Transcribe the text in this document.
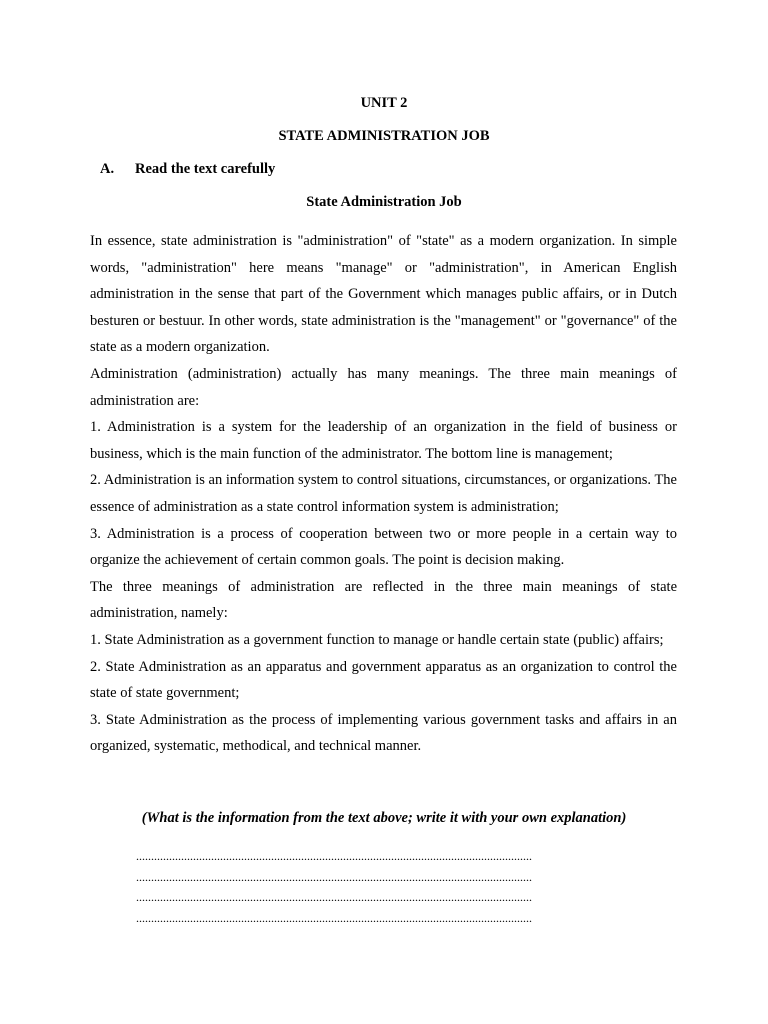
UNIT 2
STATE ADMINISTRATION JOB
A. Read the text carefully
State Administration Job

In essence, state administration is "administration" of "state" as a modern organization. In simple words, "administration" here means "manage" or "administration", in American English administration in the sense that part of the Government which manages public affairs, or in Dutch besturen or bestuur. In other words, state administration is the "management" or "governance" of the state as a modern organization.

Administration (administration) actually has many meanings. The three main meanings of administration are:

1. Administration is a system for the leadership of an organization in the field of business or business, which is the main function of the administrator. The bottom line is management;

2. Administration is an information system to control situations, circumstances, or organizations. The essence of administration as a state control information system is administration;

3. Administration is a process of cooperation between two or more people in a certain way to organize the achievement of certain common goals. The point is decision making.

The three meanings of administration are reflected in the three main meanings of state administration, namely:

1. State Administration as a government function to manage or handle certain state (public) affairs;

2. State Administration as an apparatus and government apparatus as an organization to control the state of state government;

3. State Administration as the process of implementing various government tasks and affairs in an organized, systematic, methodical, and technical manner.

(What is the information from the text above; write it with your own explanation)
....................................................................................................................................
....................................................................................................................................
....................................................................................................................................
....................................................................................................................................
